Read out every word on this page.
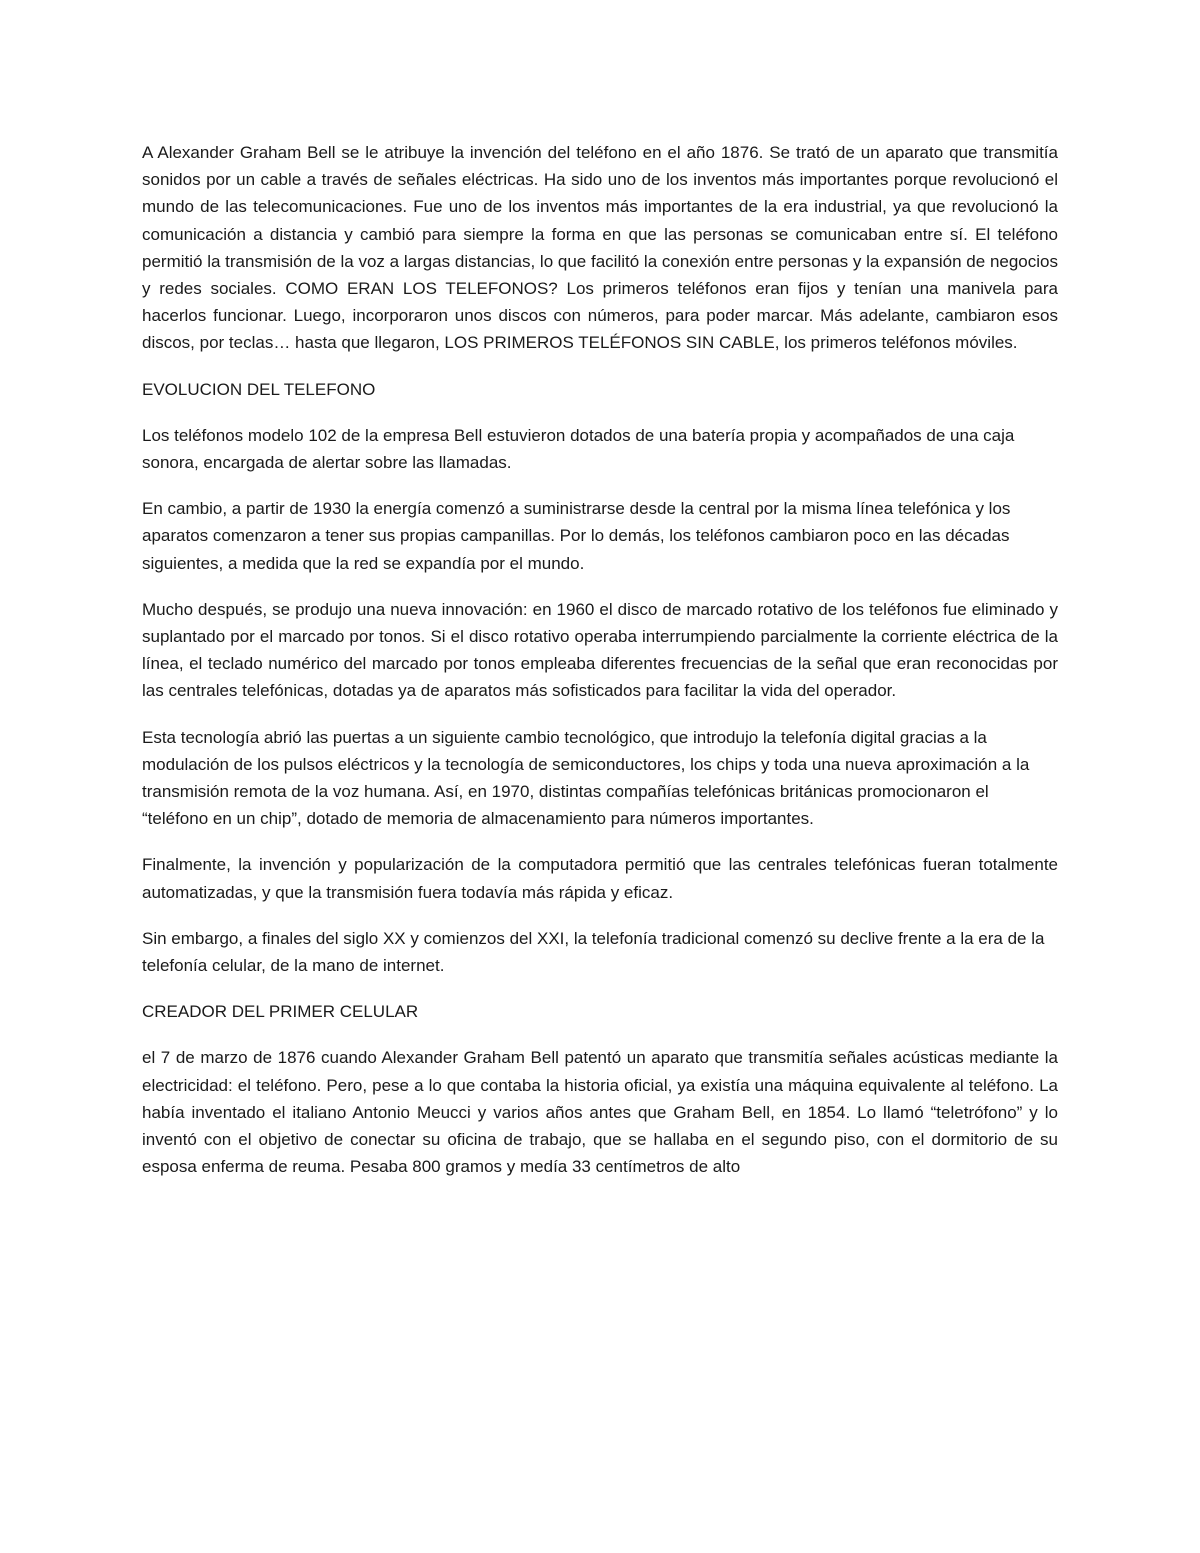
A Alexander Graham Bell se le atribuye la invención del teléfono en el año 1876. Se trató de un aparato que transmitía sonidos por un cable a través de señales eléctricas. Ha sido uno de los inventos más importantes porque revolucionó el mundo de las telecomunicaciones. Fue uno de los inventos más importantes de la era industrial, ya que revolucionó la comunicación a distancia y cambió para siempre la forma en que las personas se comunicaban entre sí. El teléfono permitió la transmisión de la voz a largas distancias, lo que facilitó la conexión entre personas y la expansión de negocios y redes sociales. COMO ERAN LOS TELEFONOS? Los primeros teléfonos eran fijos y tenían una manivela para hacerlos funcionar. Luego, incorporaron unos discos con números, para poder marcar. Más adelante, cambiaron esos discos, por teclas… hasta que llegaron, LOS PRIMEROS TELÉFONOS SIN CABLE, los primeros teléfonos móviles.

EVOLUCION DEL TELEFONO

Los teléfonos modelo 102 de la empresa Bell estuvieron dotados de una batería propia y acompañados de una caja sonora, encargada de alertar sobre las llamadas.

En cambio, a partir de 1930 la energía comenzó a suministrarse desde la central por la misma línea telefónica y los aparatos comenzaron a tener sus propias campanillas. Por lo demás, los teléfonos cambiaron poco en las décadas siguientes, a medida que la red se expandía por el mundo.

Mucho después, se produjo una nueva innovación: en 1960 el disco de marcado rotativo de los teléfonos fue eliminado y suplantado por el marcado por tonos. Si el disco rotativo operaba interrumpiendo parcialmente la corriente eléctrica de la línea, el teclado numérico del marcado por tonos empleaba diferentes frecuencias de la señal que eran reconocidas por las centrales telefónicas, dotadas ya de aparatos más sofisticados para facilitar la vida del operador.

Esta tecnología abrió las puertas a un siguiente cambio tecnológico, que introdujo la telefonía digital gracias a la modulación de los pulsos eléctricos y la tecnología de semiconductores, los chips y toda una nueva aproximación a la transmisión remota de la voz humana. Así, en 1970, distintas compañías telefónicas británicas promocionaron el “teléfono en un chip”, dotado de memoria de almacenamiento para números importantes.

Finalmente, la invención y popularización de la computadora permitió que las centrales telefónicas fueran totalmente automatizadas, y que la transmisión fuera todavía más rápida y eficaz.

Sin embargo, a finales del siglo XX y comienzos del XXI, la telefonía tradicional comenzó su declive frente a la era de la telefonía celular, de la mano de internet.

CREADOR DEL PRIMER CELULAR

el 7 de marzo de 1876 cuando Alexander Graham Bell patentó un aparato que transmitía señales acústicas mediante la electricidad: el teléfono. Pero, pese a lo que contaba la historia oficial, ya existía una máquina equivalente al teléfono. La había inventado el italiano Antonio Meucci y varios años antes que Graham Bell, en 1854. Lo llamó “teletrófono” y lo inventó con el objetivo de conectar su oficina de trabajo, que se hallaba en el segundo piso, con el dormitorio de su esposa enferma de reuma. Pesaba 800 gramos y medía 33 centímetros de alto
